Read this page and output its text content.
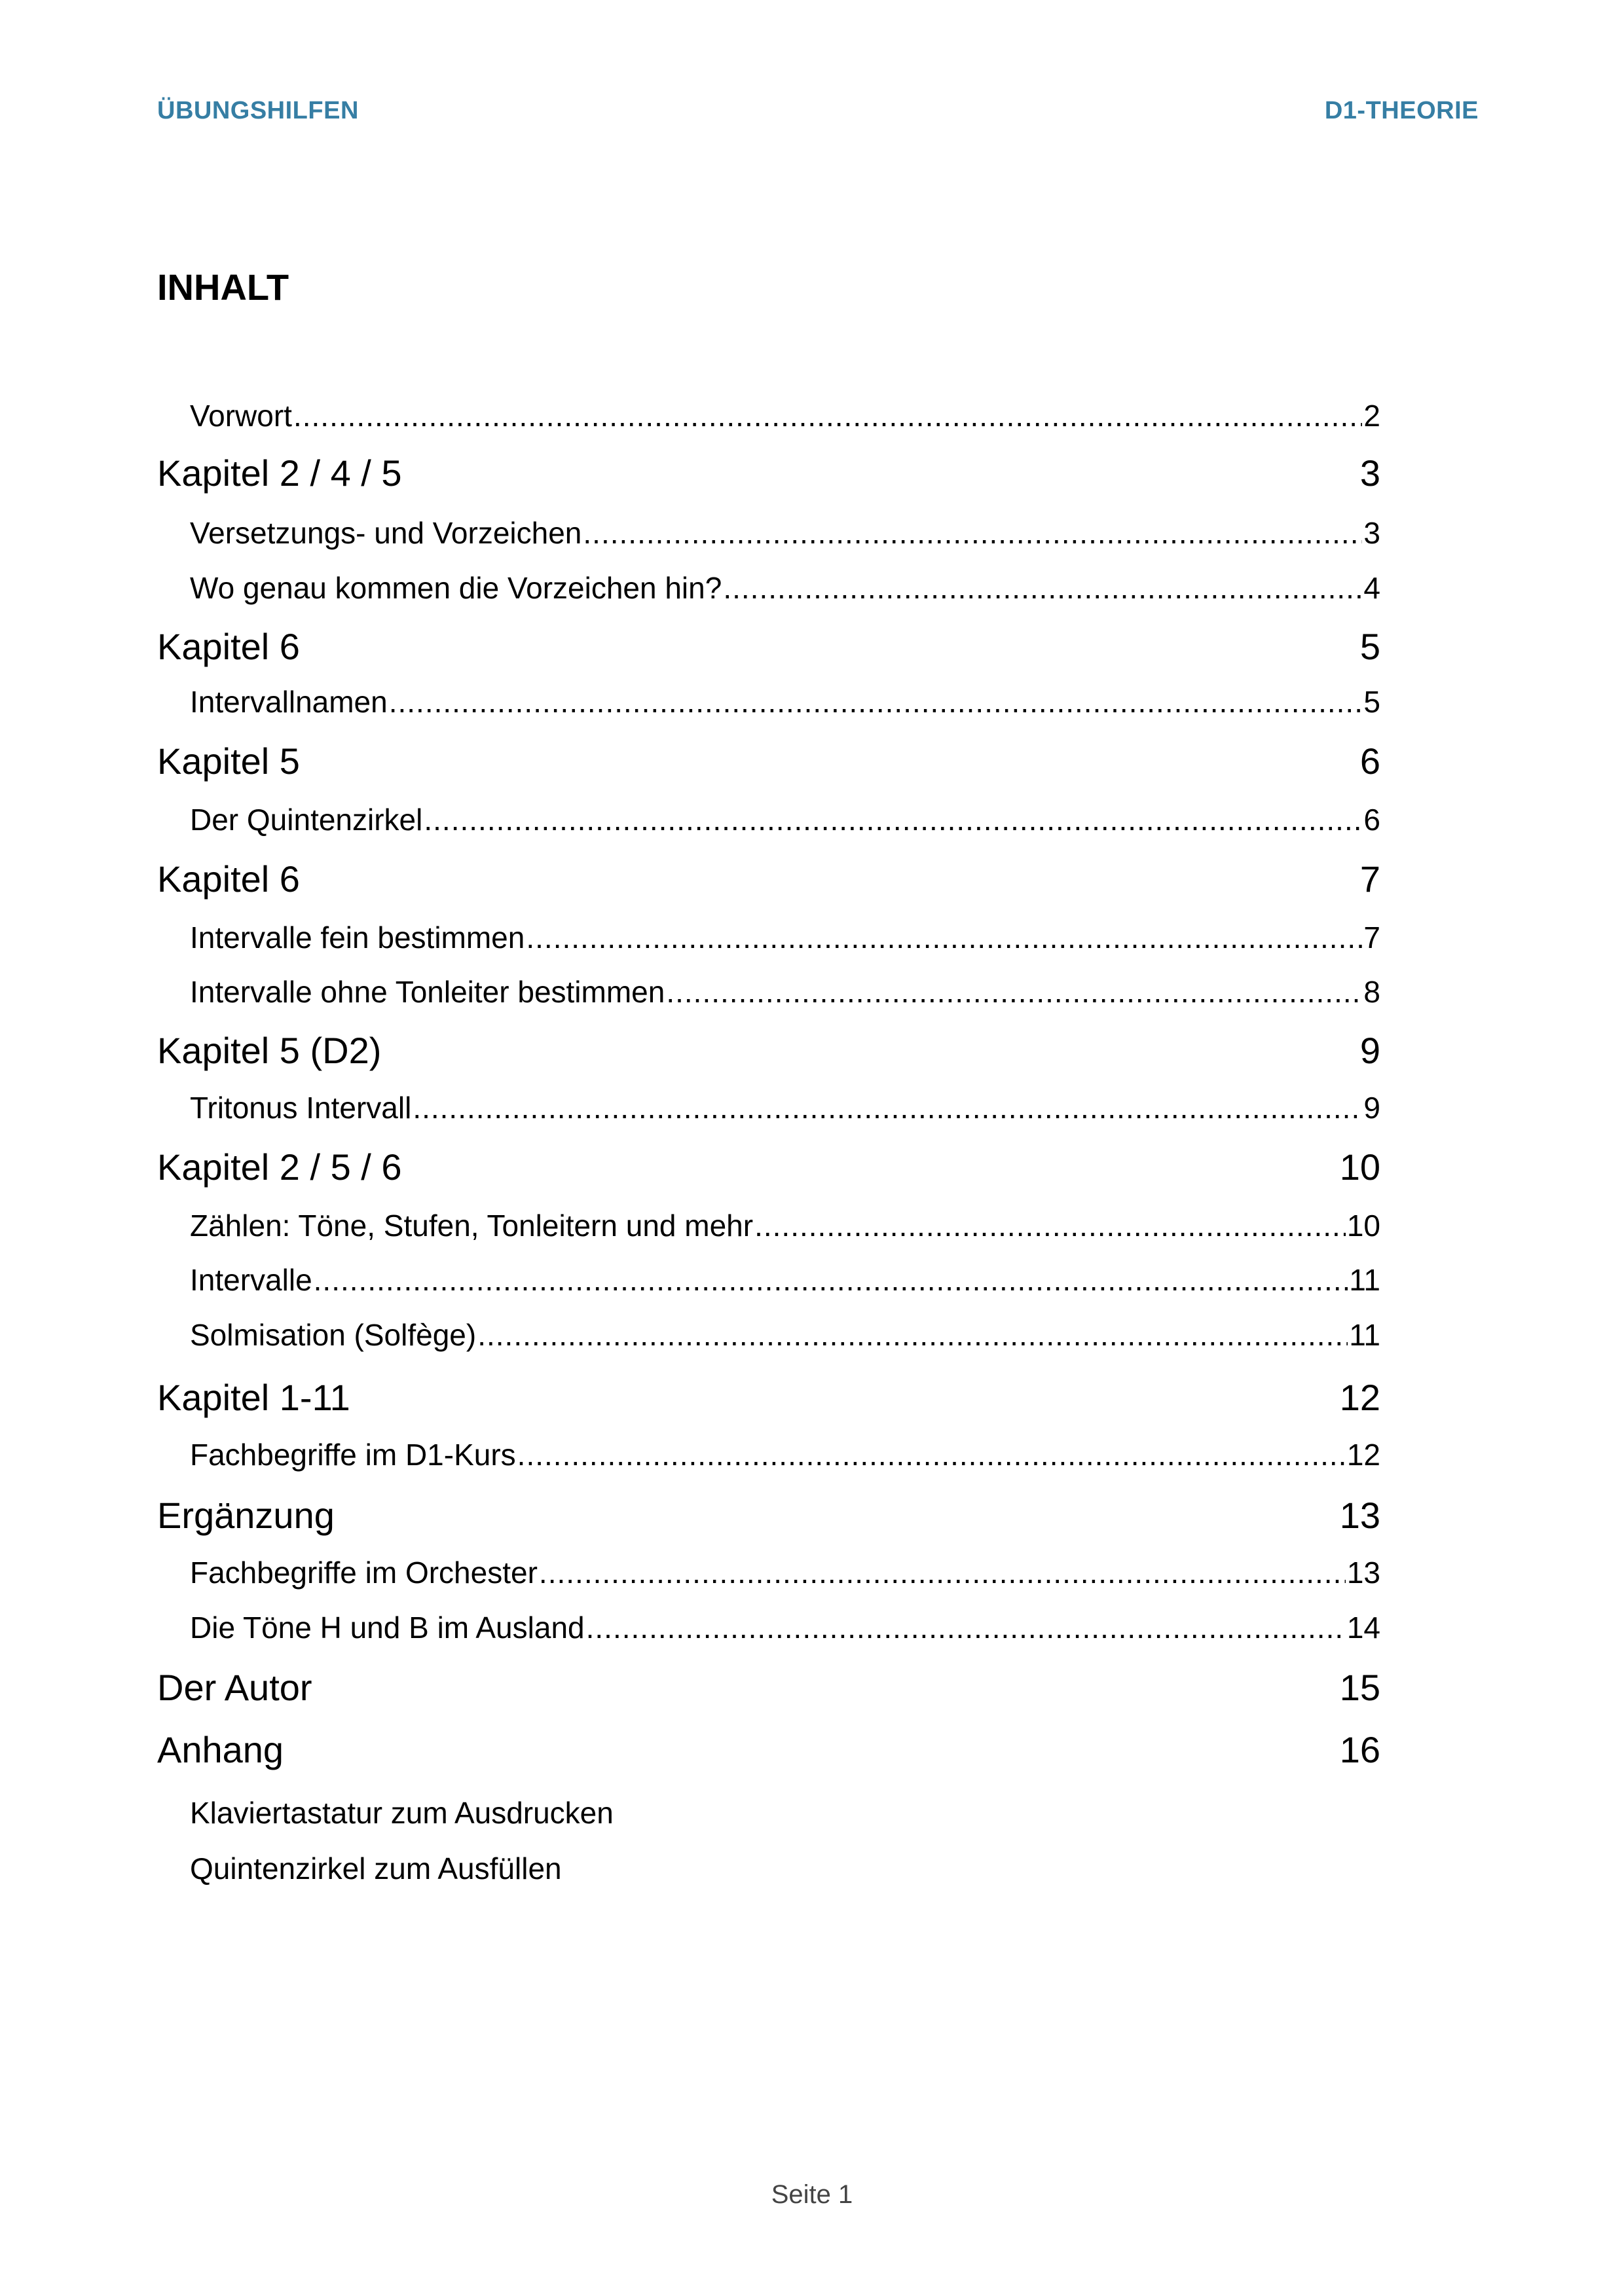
ÜBUNGSHILFEN	D1-THEORIE
INHALT
Vorwort .....	2
Kapitel 2 / 4 / 5	3
Versetzungs- und Vorzeichen .....	3
Wo genau kommen die Vorzeichen hin? .....	4
Kapitel 6	5
Intervallnamen .....	5
Kapitel 5	6
Der Quintenzirkel .....	6
Kapitel 6	7
Intervalle fein bestimmen .....	7
Intervalle ohne Tonleiter bestimmen .....	8
Kapitel 5 (D2)	9
Tritonus Intervall .....	9
Kapitel 2 / 5 / 6	10
Zählen: Töne, Stufen, Tonleitern und mehr .....	10
Intervalle .....	11
Solmisation (Solfège) .....	11
Kapitel 1-11	12
Fachbegriffe im D1-Kurs .....	12
Ergänzung	13
Fachbegriffe im Orchester .....	13
Die Töne H und B im Ausland .....	14
Der Autor	15
Anhang	16
Klaviertastatur zum Ausdrucken
Quintenzirkel zum Ausfüllen
Seite 1
